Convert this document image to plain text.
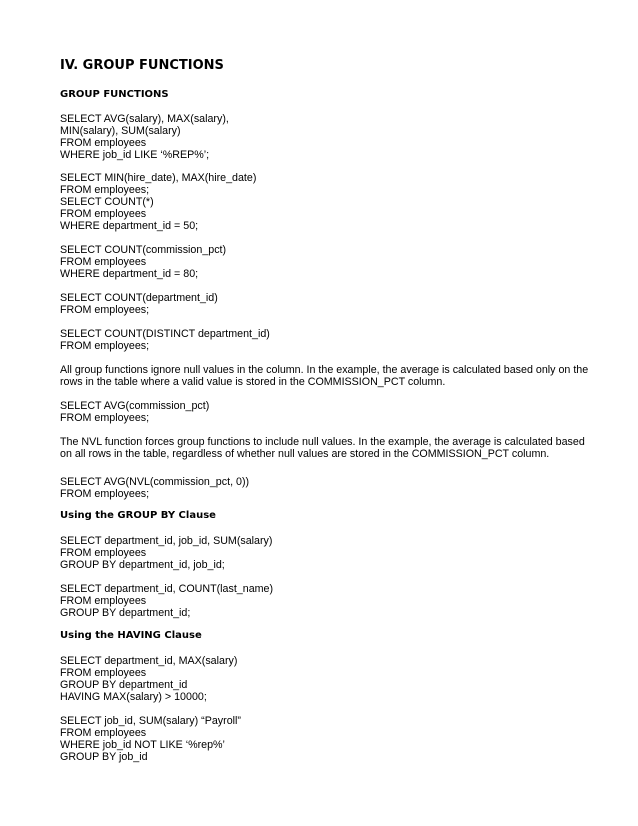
IV. GROUP FUNCTIONS
GROUP FUNCTIONS
SELECT AVG(salary), MAX(salary),
MIN(salary), SUM(salary)
FROM employees
WHERE job_id LIKE ‘%REP%’;
SELECT MIN(hire_date), MAX(hire_date)
FROM employees;
SELECT COUNT(*)
FROM employees
WHERE department_id = 50;
SELECT COUNT(commission_pct)
FROM employees
WHERE department_id = 80;
SELECT COUNT(department_id)
FROM employees;
SELECT COUNT(DISTINCT department_id)
FROM employees;
All group functions ignore null values in the column. In the example, the average is calculated based only on the
rows in the table where a valid value is stored in the COMMISSION_PCT column.
SELECT AVG(commission_pct)
FROM employees;
The NVL function forces group functions to include null values. In the example, the average is calculated based
on all rows in the table, regardless of whether null values are stored in the COMMISSION_PCT column.
SELECT AVG(NVL(commission_pct, 0))
FROM employees;
Using the GROUP BY Clause
SELECT department_id, job_id, SUM(salary)
FROM employees
GROUP BY department_id, job_id;
SELECT department_id, COUNT(last_name)
FROM employees
GROUP BY department_id;
Using the HAVING Clause
SELECT department_id, MAX(salary)
FROM employees
GROUP BY department_id
HAVING MAX(salary) > 10000;
SELECT job_id, SUM(salary) “Payroll”
FROM employees
WHERE job_id NOT LIKE ‘%rep%’
GROUP BY job_id
